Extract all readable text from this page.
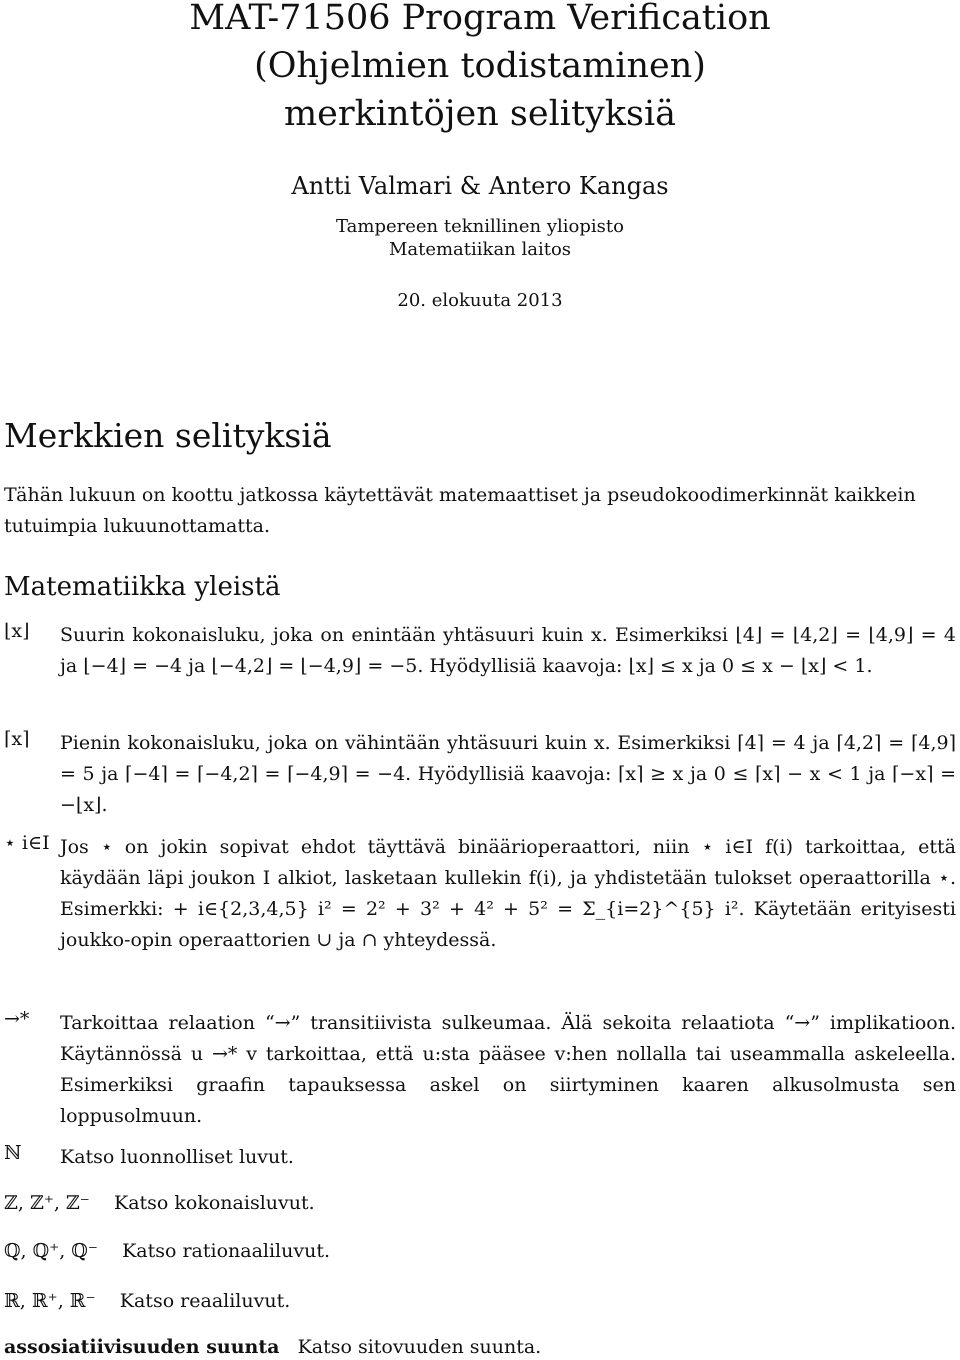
MAT-71506 Program Verification
(Ohjelmien todistaminen)
merkintöjen selityksiä
Antti Valmari & Antero Kangas
Tampereen teknillinen yliopisto
Matematiikan laitos
20. elokuuta 2013
Merkkien selityksiä
Tähän lukuun on koottu jatkossa käytettävät matemaattiset ja pseudokoodimerkinnät kaikkein tutuimpia lukuunottamatta.
Matematiikka yleistä
⌊x⌋ Suurin kokonaisluku, joka on enintään yhtäsuuri kuin x. Esimerkiksi ⌊4⌋ = ⌊4,2⌋ = ⌊4,9⌋ = 4 ja ⌊−4⌋ = −4 ja ⌊−4,2⌋ = ⌊−4,9⌋ = −5. Hyödyllisiä kaavoja: ⌊x⌋ ≤ x ja 0 ≤ x − ⌊x⌋ < 1.
⌈x⌉ Pienin kokonaisluku, joka on vähintään yhtäsuuri kuin x. Esimerkiksi ⌈4⌉ = 4 ja ⌈4,2⌉ = ⌈4,9⌉ = 5 ja ⌈−4⌉ = ⌈−4,2⌉ = ⌈−4,9⌉ = −4. Hyödyllisiä kaavoja: ⌈x⌉ ≥ x ja 0 ≤ ⌈x⌉ − x < 1 ja ⌈−x⌉ = −⌊x⌋.
⋆ i∈I Jos ⋆ on jokin sopivat ehdot täyttävä binäärioperaattori, niin ⋆ i∈I f(i) tarkoittaa, että käydään läpi joukon I alkiot, lasketaan kullekin f(i), ja yhdistetään tulokset operaattorilla ⋆. Esimerkki: + i∈{2,3,4,5} i² = 2² + 3² + 4² + 5² = Σ_{i=2}^{5} i². Käytetään erityisesti joukko-opin operaattorien ∪ ja ∩ yhteydessä.
→* Tarkoittaa relaation “→” transitiivista sulkeumaa. Älä sekoita relaatiota “→” implikatioon. Käytännössä u →* v tarkoittaa, että u:sta pääsee v:hen nollalla tai useammalla askeleella. Esimerkiksi graafin tapauksessa askel on siirtyminen kaaren alkusolmusta sen loppusolmuun.
ℕ Katso luonnolliset luvut.
ℤ, ℤ⁺, ℤ⁻ Katso kokonaisluvut.
ℚ, ℚ⁺, ℚ⁻ Katso rationaaliluvut.
ℝ, ℝ⁺, ℝ⁻ Katso reaaliluvut.
assosiatiivisuuden suunta Katso sitovuuden suunta.
